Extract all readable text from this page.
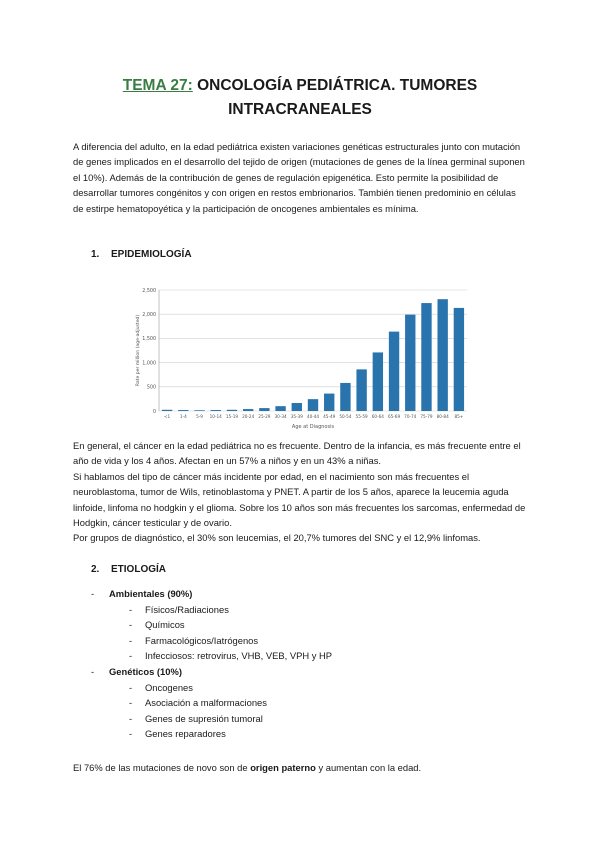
TEMA 27: ONCOLOGÍA PEDIÁTRICA. TUMORES
INTRACRANEALES

A diferencia del adulto, en la edad pediátrica existen variaciones genéticas estructurales junto con mutación de genes implicados en el desarrollo del tejido de origen (mutaciones de genes de la línea germinal suponen el 10%). Además de la contribución de genes de regulación epigenética. Esto permite la posibilidad de desarrollar tumores congénitos y con origen en restos embrionarios. También tienen predominio en células de estirpe hematopoyética y la participación de oncogenes ambientales es mínima.

1. EPIDEMIOLOGÍA

0
500
1,000
1,500
2,000
2,500
<1 1-4 5-9 10-14 15-19 20-24 25-29 30-34 35-39 40-44 45-49 50-54 55-59 60-64 65-69 70-74 75-79 80-84 85+
Rate per million (age-adjusted)
Age at Diagnosis

En general, el cáncer en la edad pediátrica no es frecuente. Dentro de la infancia, es más frecuente entre el año de vida y los 4 años. Afectan en un 57% a niños y en un 43% a niñas.

Si hablamos del tipo de cáncer más incidente por edad, en el nacimiento son más frecuentes el neuroblastoma, tumor de Wils, retinoblastoma y PNET. A partir de los 5 años, aparece la leucemia aguda linfoide, linfoma no hodgkin y el glioma. Sobre los 10 años son más frecuentes los sarcomas, enfermedad de Hodgkin, cáncer testicular y de ovario.

Por grupos de diagnóstico, el 30% son leucemias, el 20,7% tumores del SNC y el 12,9% linfomas.

2. ETIOLOGÍA

- Ambientales (90%)
- Físicos/Radiaciones
- Químicos
- Farmacológicos/Iatrógenos
- Infecciosos: retrovirus, VHB, VEB, VPH y HP
- Genéticos (10%)
- Oncogenes
- Asociación a malformaciones
- Genes de supresión tumoral
- Genes reparadores

El 76% de las mutaciones de novo son de origen paterno y aumentan con la edad.
